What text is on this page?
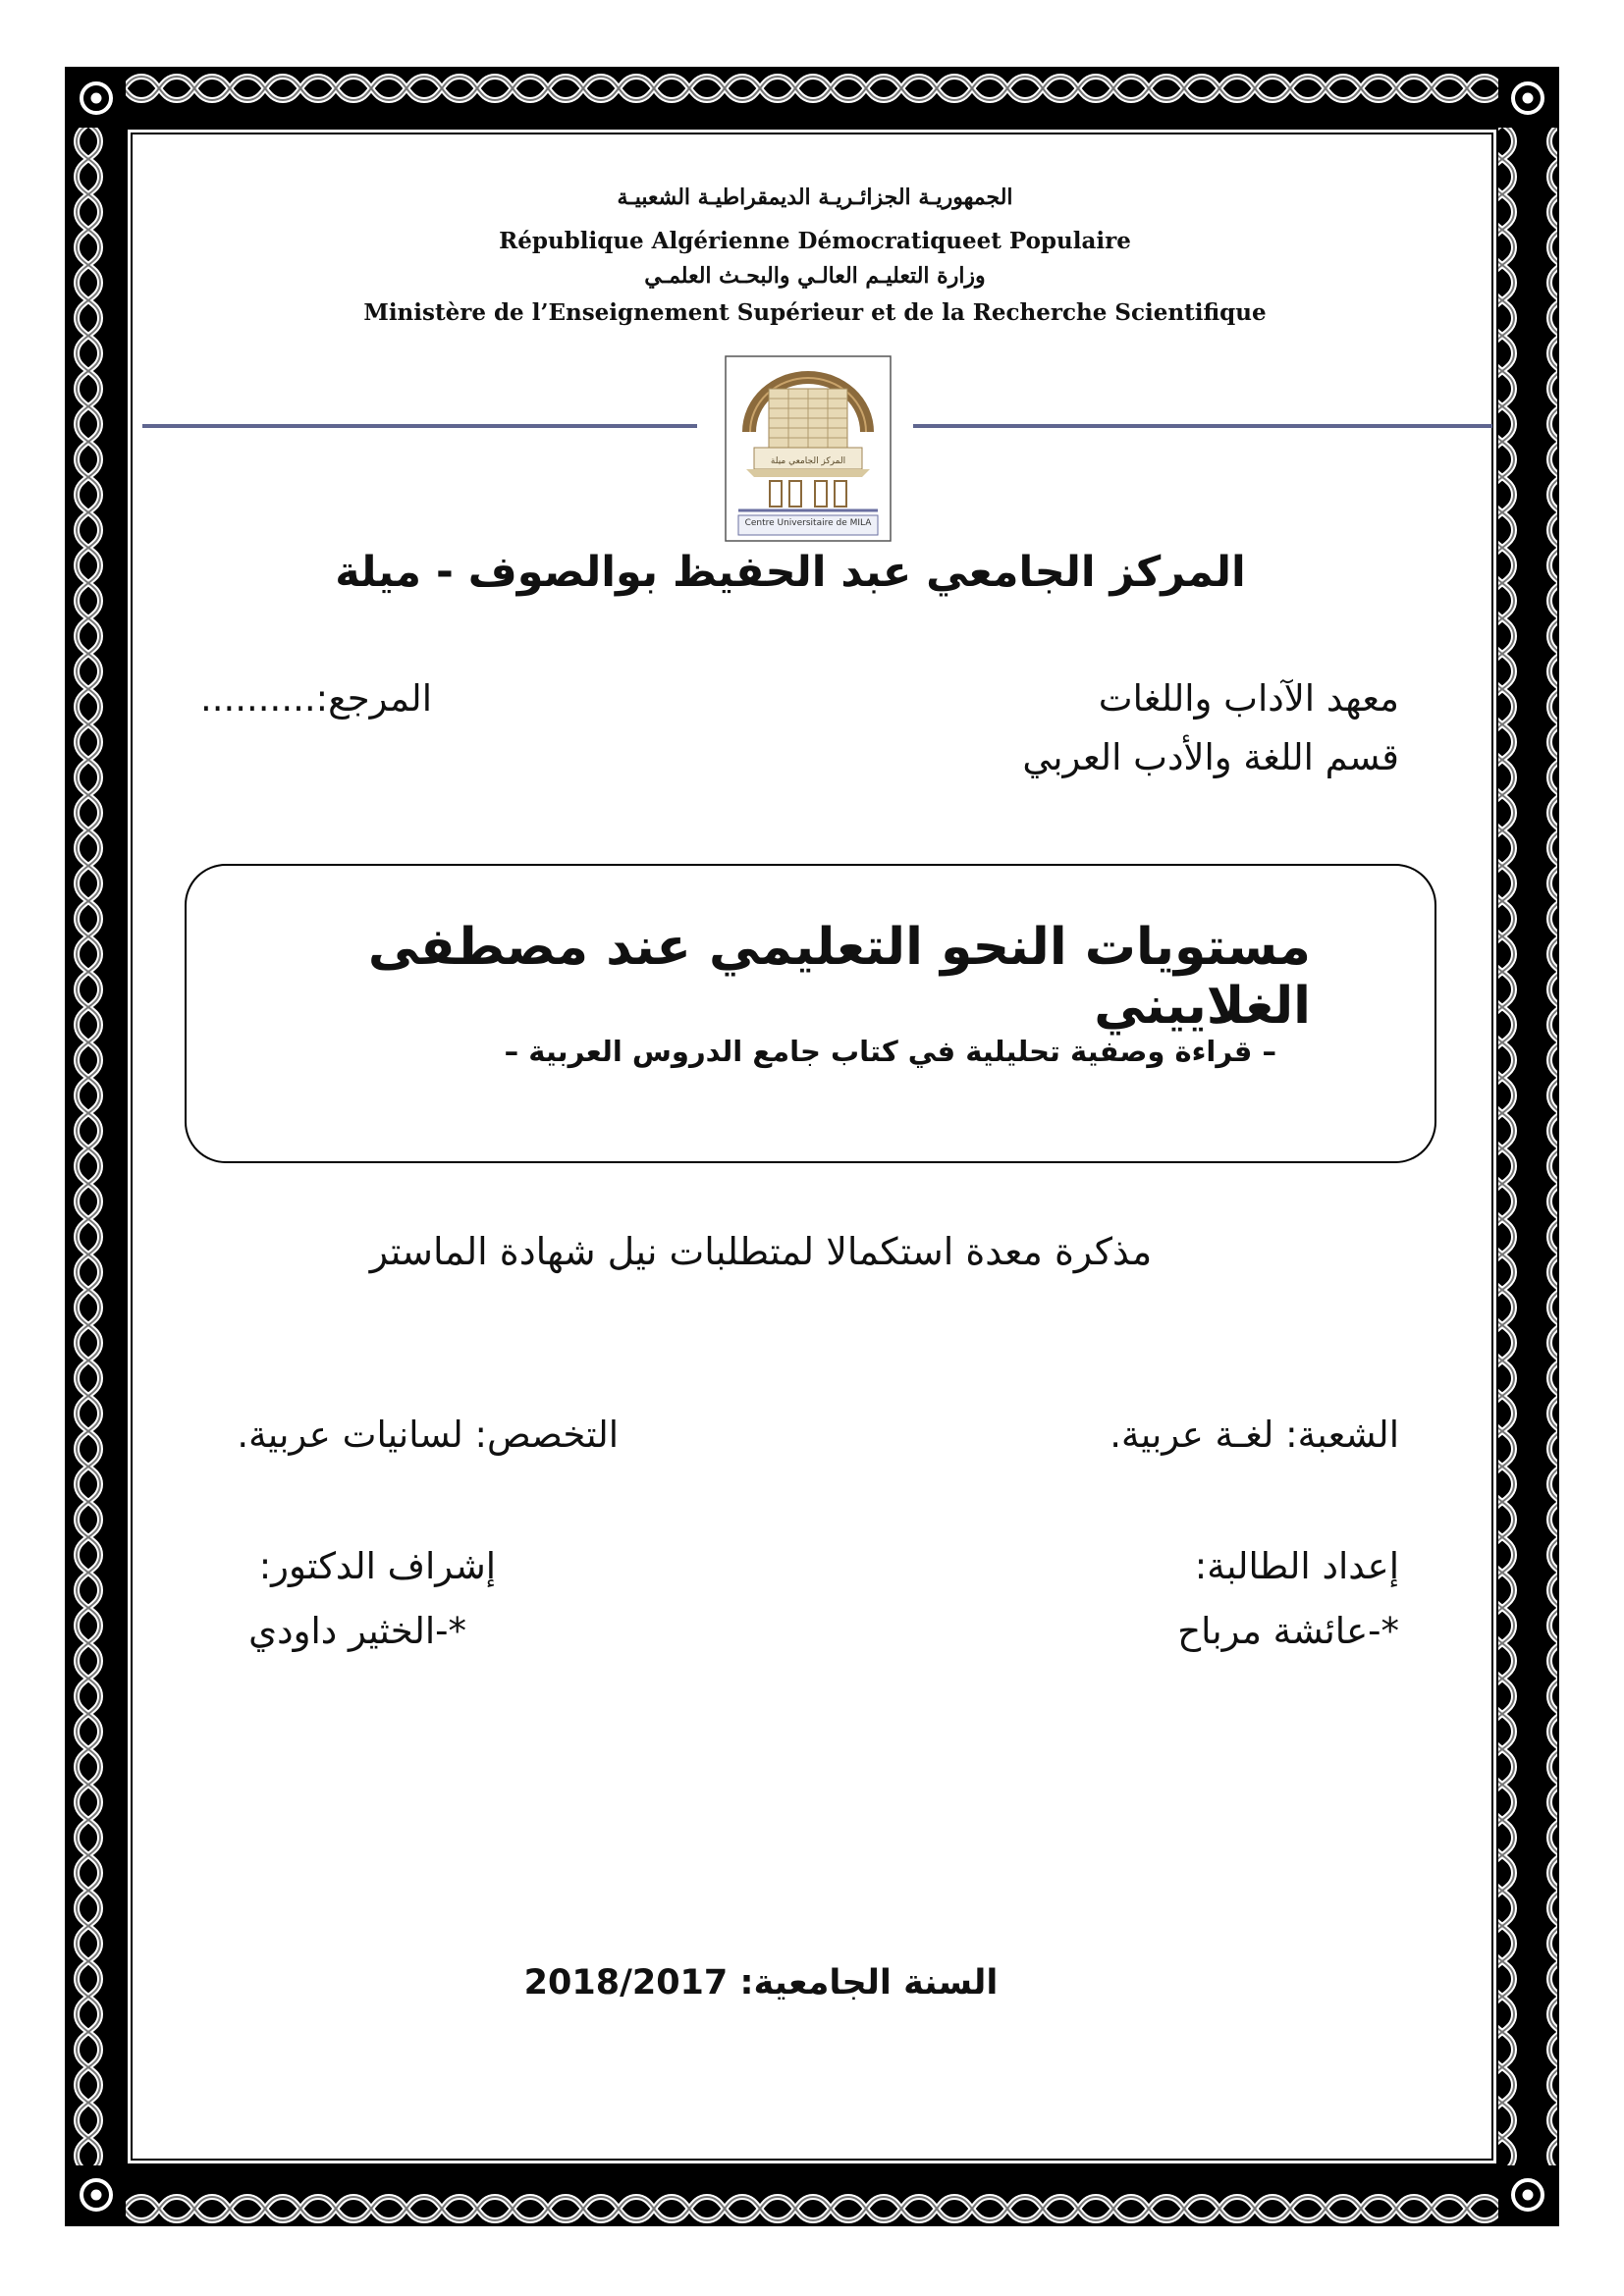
الجمهوريـة الجزائـريـة الديمقراطيـة الشعبيـة
République Algérienne Démocratiqueet Populaire
وزارة التعليـم العالـي والبحـث العلمـي
Ministère de l’Enseignement Supérieur et de la Recherche Scientifique
المركز الجامعي ميلة
Centre Universitaire de MILA
المركز الجامعي عبد الحفيظ بوالصوف - ميلة
معهد الآداب واللغات
قسم اللغة والأدب العربي
المرجع:..........
مستويات النحو التعليمي عند مصطفى الغلاييني
– قراءة وصفية تحليلية في كتاب جامع الدروس العربية –
مذكرة معدة استكمالا لمتطلبات نيل شهادة الماستر
الشعبة: لغـة عربية.
التخصص: لسانيات عربية.
إعداد الطالبة:
*-عائشة مرباح
إشراف الدكتور:
*-الخثير داودي
السنة الجامعية: 2018/2017
